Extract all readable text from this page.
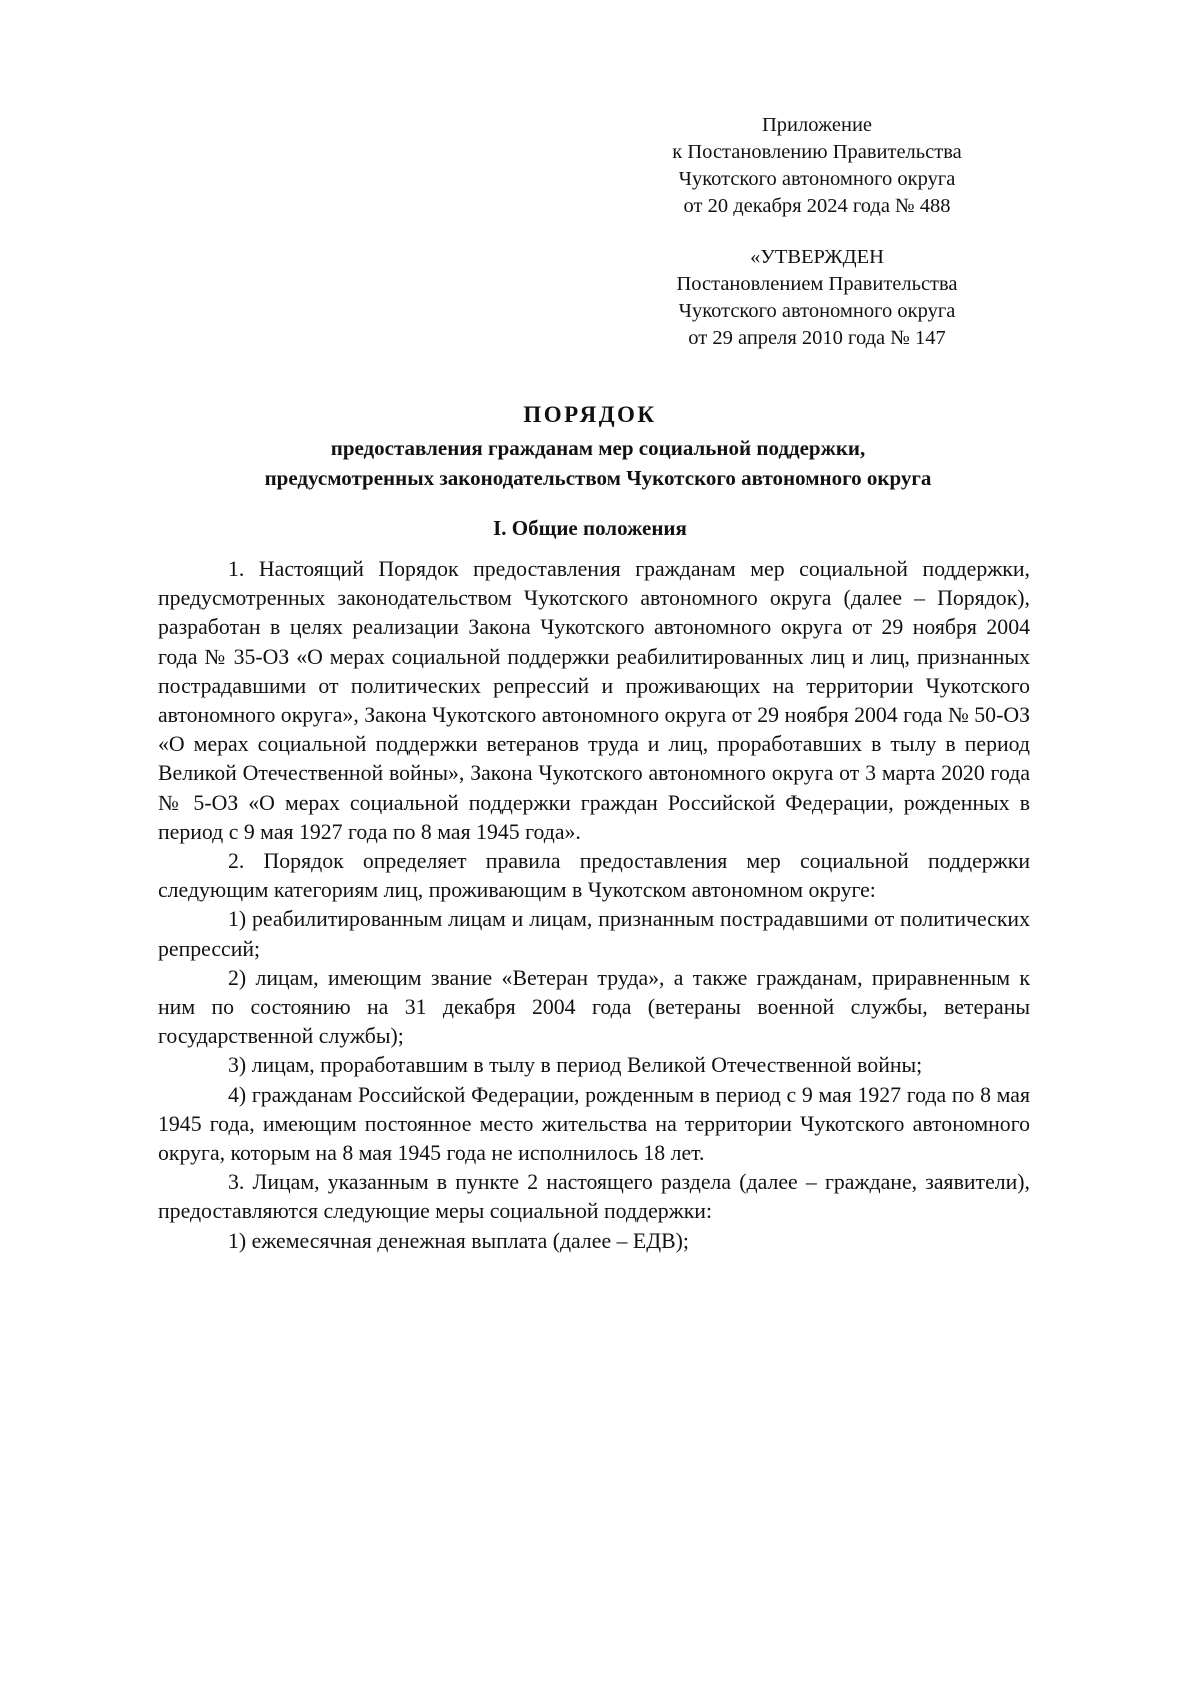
Приложение
к Постановлению Правительства
Чукотского автономного округа
от 20 декабря 2024 года № 488
«УТВЕРЖДЕН
Постановлением Правительства
Чукотского автономного округа
от 29 апреля 2010 года № 147
ПОРЯДОК
предоставления гражданам мер социальной поддержки,
предусмотренных законодательством Чукотского автономного округа
I. Общие положения

1. Настоящий Порядок предоставления гражданам мер социальной поддержки, предусмотренных законодательством Чукотского автономного округа (далее – Порядок), разработан в целях реализации Закона Чукотского автономного округа от 29 ноября 2004 года № 35-ОЗ «О мерах социальной поддержки реабилитированных лиц и лиц, признанных пострадавшими от политических репрессий и проживающих на территории Чукотского автономного округа», Закона Чукотского автономного округа от 29 ноября 2004 года № 50-ОЗ «О мерах социальной поддержки ветеранов труда и лиц, проработавших в тылу в период Великой Отечественной войны», Закона Чукотского автономного округа от 3 марта 2020 года № 5-ОЗ «О мерах социальной поддержки граждан Российской Федерации, рожденных в период с 9 мая 1927 года по 8 мая 1945 года».

2. Порядок определяет правила предоставления мер социальной поддержки следующим категориям лиц, проживающим в Чукотском автономном округе:

1) реабилитированным лицам и лицам, признанным пострадавшими от политических репрессий;

2) лицам, имеющим звание «Ветеран труда», а также гражданам, приравненным к ним по состоянию на 31 декабря 2004 года (ветераны военной службы, ветераны государственной службы);

3) лицам, проработавшим в тылу в период Великой Отечественной войны;

4) гражданам Российской Федерации, рожденным в период с 9 мая 1927 года по 8 мая 1945 года, имеющим постоянное место жительства на территории Чукотского автономного округа, которым на 8 мая 1945 года не исполнилось 18 лет.

3. Лицам, указанным в пункте 2 настоящего раздела (далее – граждане, заявители), предоставляются следующие меры социальной поддержки:

1) ежемесячная денежная выплата (далее – ЕДВ);
